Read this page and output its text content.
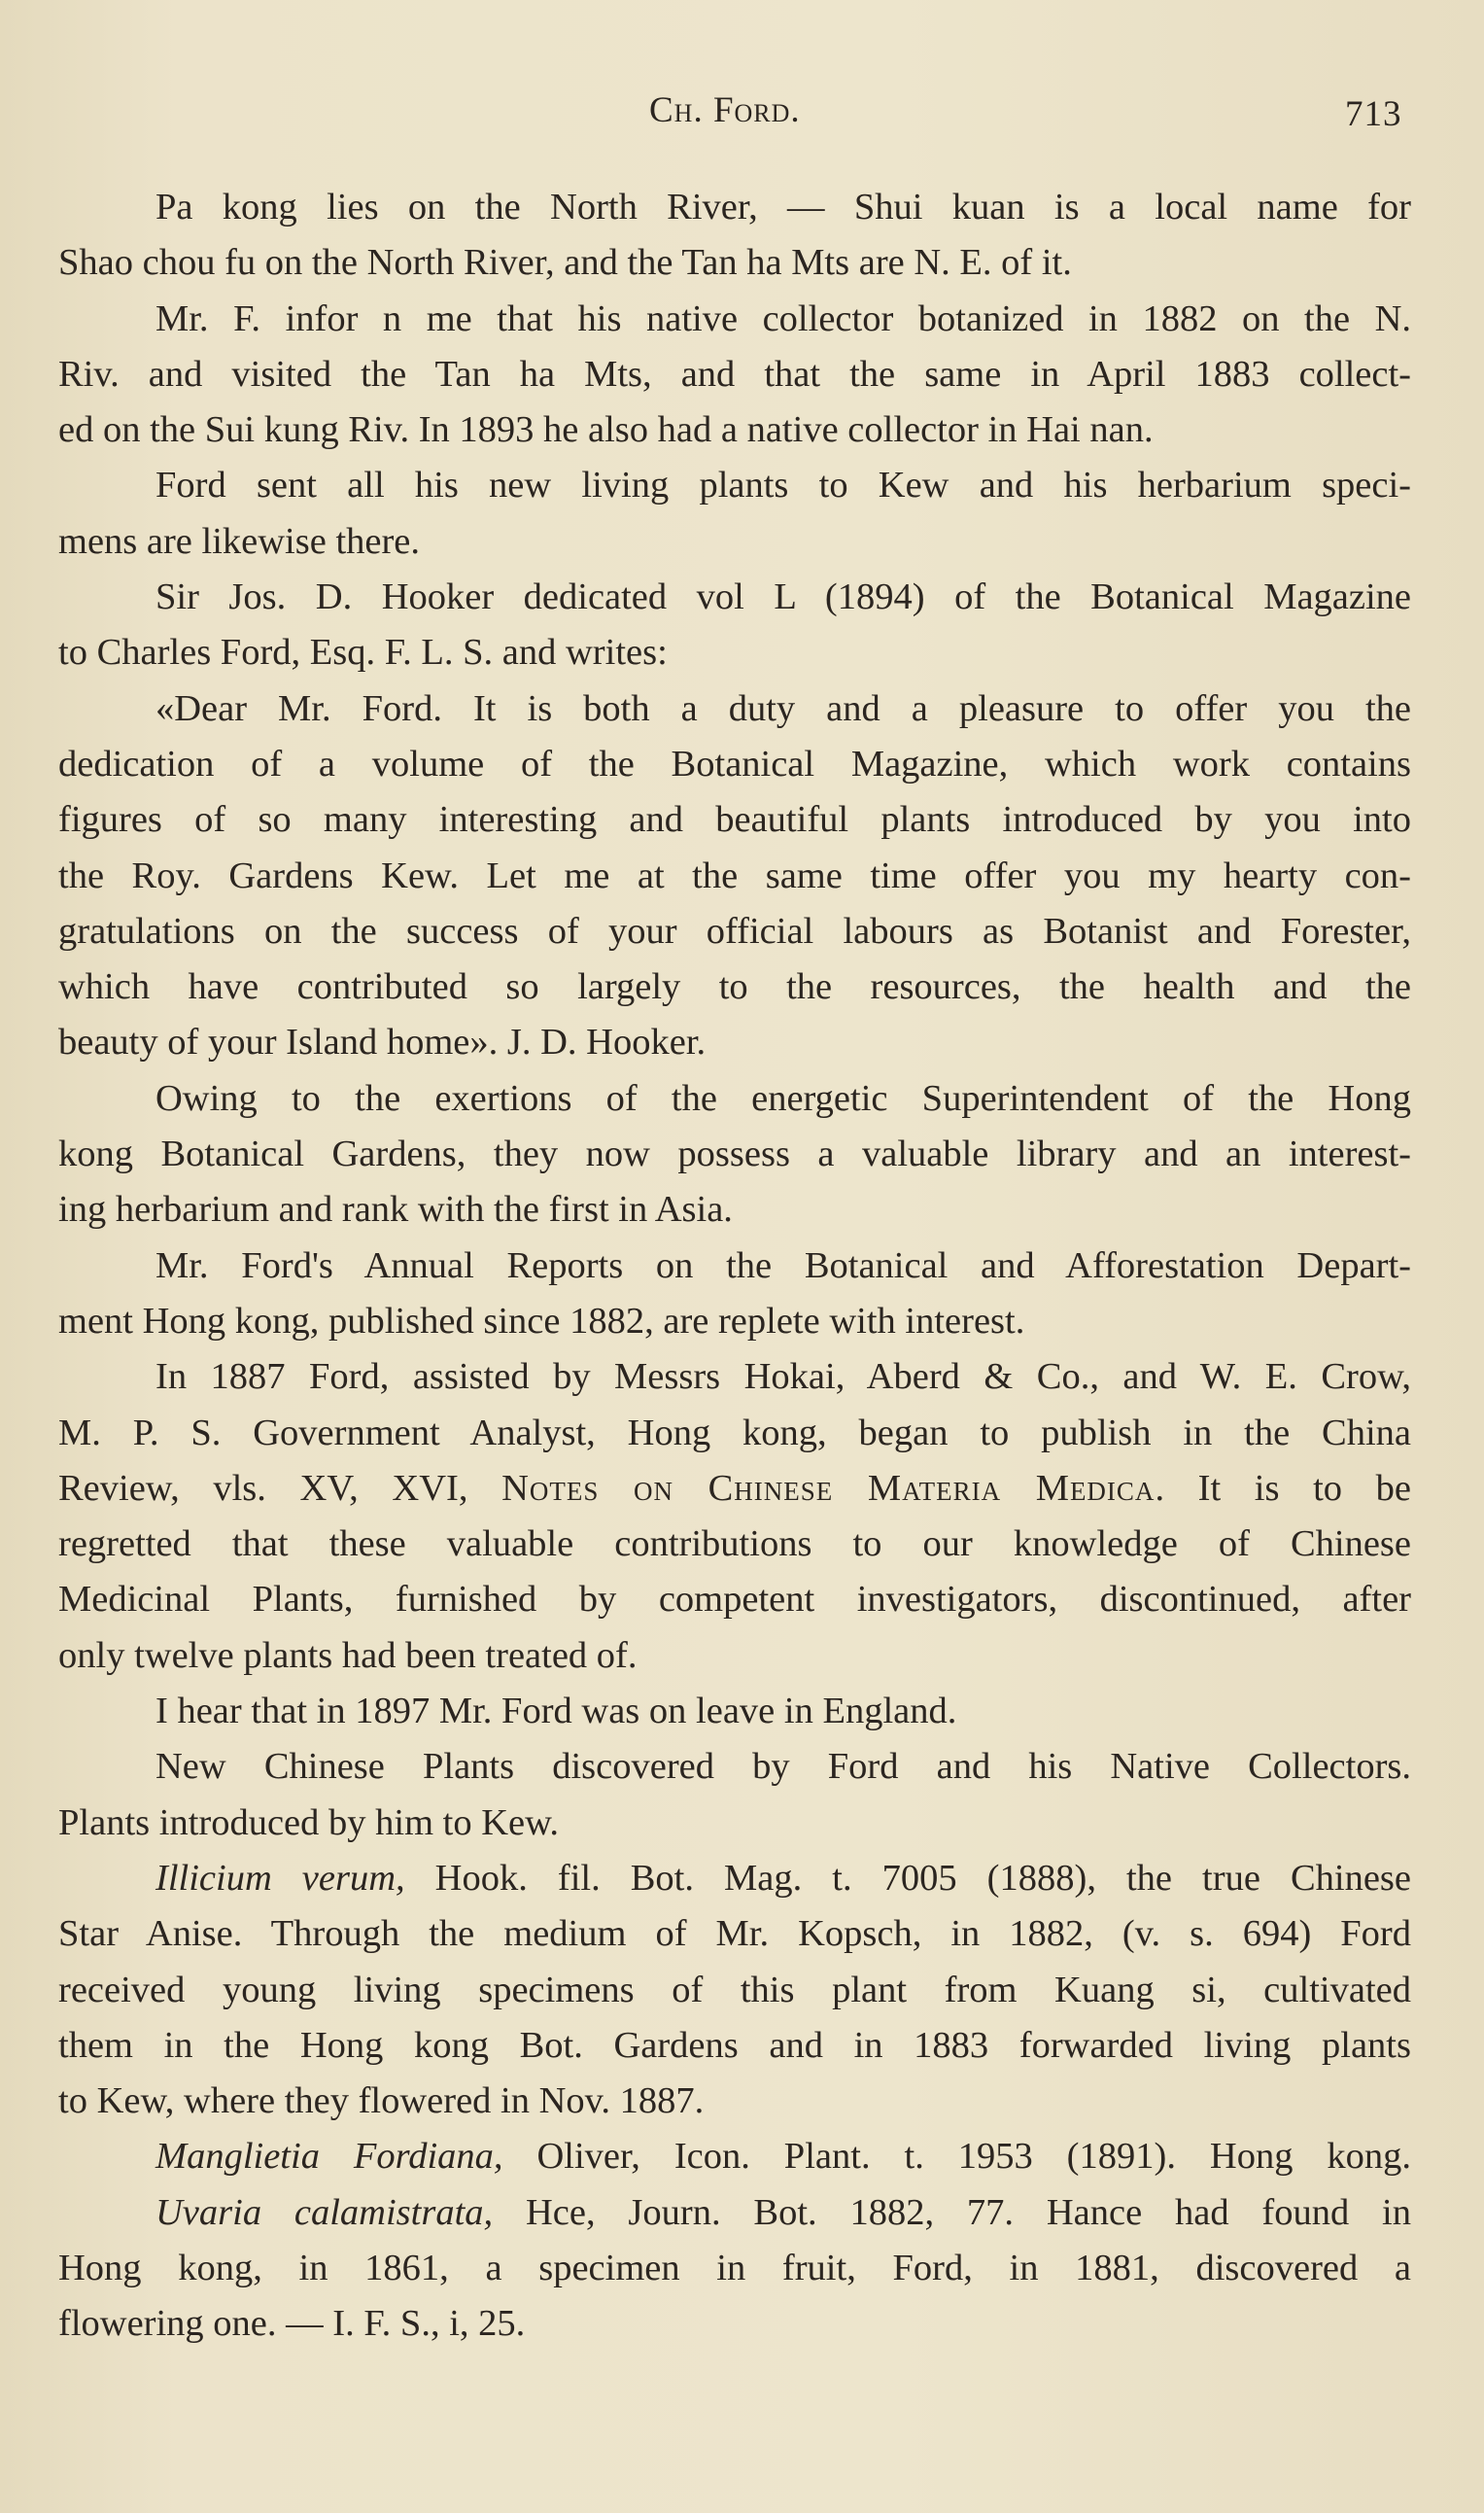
Ch. Ford.	713
Pa kong lies on the North River, — Shui kuan is a local name for
Shao chou fu on the North River, and the Tan ha Mts are N. E. of it.
Mr. F. infor n me that his native collector botanized in 1882 on the N.
Riv. and visited the Tan ha Mts, and that the same in April 1883 collect-
ed on the Sui kung Riv. In 1893 he also had a native collector in Hai nan.
Ford sent all his new living plants to Kew and his herbarium speci-
mens are likewise there.
Sir Jos. D. Hooker dedicated vol L (1894) of the Botanical Magazine
to Charles Ford, Esq. F. L. S. and writes:
«Dear Mr. Ford. It is both a duty and a pleasure to offer you the
dedication of a volume of the Botanical Magazine, which work contains
figures of so many interesting and beautiful plants introduced by you into
the Roy. Gardens Kew. Let me at the same time offer you my hearty con-
gratulations on the success of your official labours as Botanist and Forester,
which have contributed so largely to the resources, the health and the
beauty of your Island home». J. D. Hooker.
Owing to the exertions of the energetic Superintendent of the Hong
kong Botanical Gardens, they now possess a valuable library and an interest-
ing herbarium and rank with the first in Asia.
Mr. Ford's Annual Reports on the Botanical and Afforestation Depart-
ment Hong kong, published since 1882, are replete with interest.
In 1887 Ford, assisted by Messrs Hokai, Aberd & Co., and W. E. Crow,
M. P. S. Government Analyst, Hong kong, began to publish in the China
Review, vls. XV, XVI, Notes on Chinese Materia Medica. It is to be
regretted that these valuable contributions to our knowledge of Chinese
Medicinal Plants, furnished by competent investigators, discontinued, after
only twelve plants had been treated of.
I hear that in 1897 Mr. Ford was on leave in England.
New Chinese Plants discovered by Ford and his Native Collectors.
Plants introduced by him to Kew.
Illicium verum, Hook. fil. Bot. Mag. t. 7005 (1888), the true Chinese
Star Anise. Through the medium of Mr. Kopsch, in 1882, (v. s. 694) Ford
received young living specimens of this plant from Kuang si, cultivated
them in the Hong kong Bot. Gardens and in 1883 forwarded living plants
to Kew, where they flowered in Nov. 1887.
Manglietia Fordiana, Oliver, Icon. Plant. t. 1953 (1891). Hong kong.
Uvaria calamistrata, Hce, Journ. Bot. 1882, 77. Hance had found in
Hong kong, in 1861, a specimen in fruit, Ford, in 1881, discovered a
flowering one. — I. F. S., i, 25.
